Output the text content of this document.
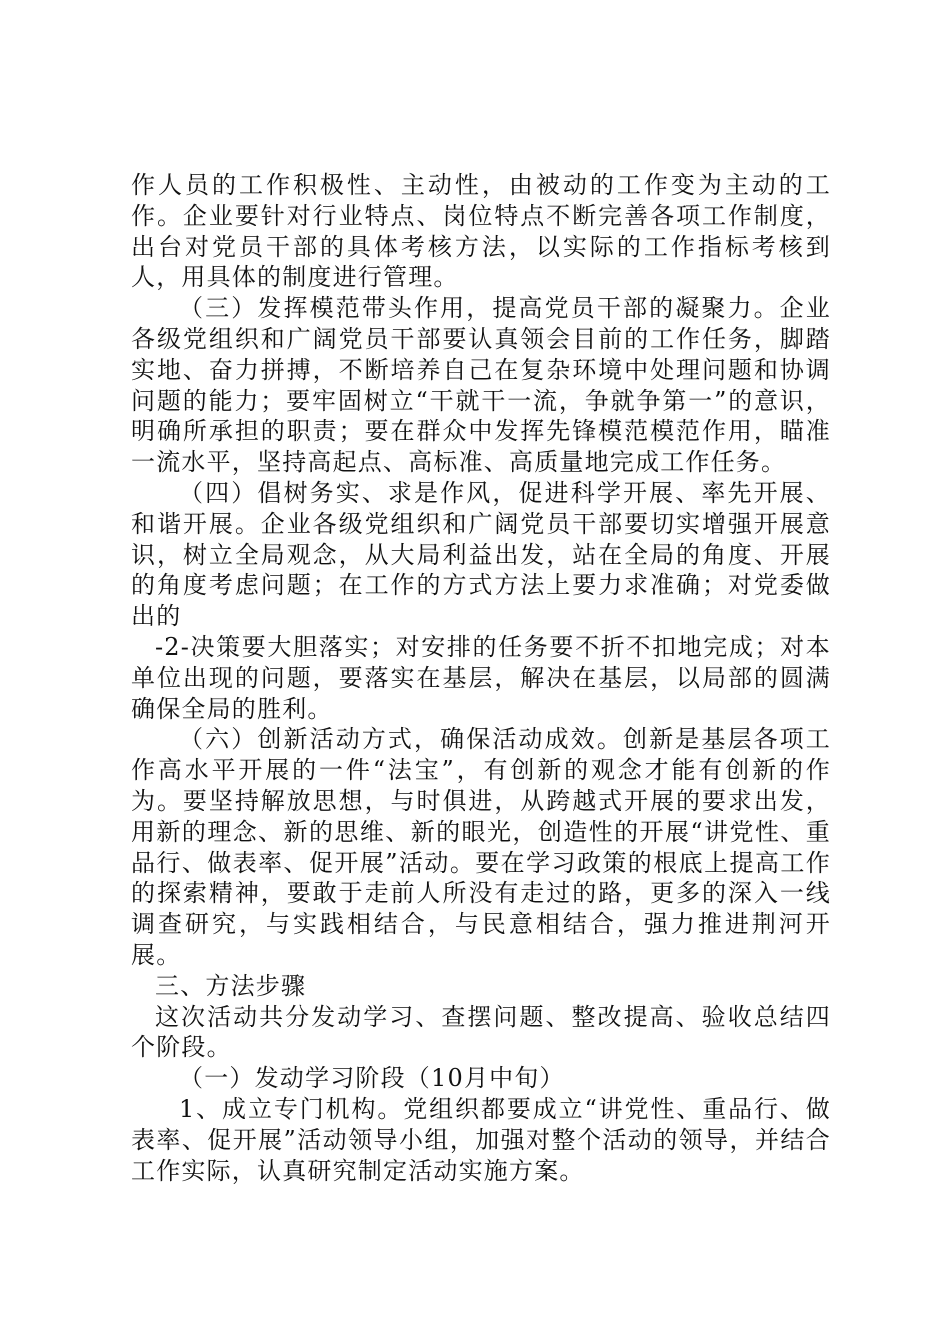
作人员的工作积极性、主动性，由被动的工作变为主动的工作。企业要针对行业特点、岗位特点不断完善各项工作制度，出台对党员干部的具体考核方法，以实际的工作指标考核到人，用具体的制度进行管理。

（三）发挥模范带头作用，提高党员干部的凝聚力。企业各级党组织和广阔党员干部要认真领会目前的工作任务，脚踏实地、奋力拼搏，不断培养自己在复杂环境中处理问题和协调问题的能力；要牢固树立“干就干一流，争就争第一”的意识，明确所承担的职责；要在群众中发挥先锋模范模范作用，瞄准一流水平，坚持高起点、高标准、高质量地完成工作任务。

（四）倡树务实、求是作风，促进科学开展、率先开展、和谐开展。企业各级党组织和广阔党员干部要切实增强开展意识，树立全局观念，从大局利益出发，站在全局的角度、开展的角度考虑问题；在工作的方式方法上要力求准确；对党委做出的

-2-决策要大胆落实；对安排的任务要不折不扣地完成；对本单位出现的问题，要落实在基层，解决在基层，以局部的圆满确保全局的胜利。

（六）创新活动方式，确保活动成效。创新是基层各项工作高水平开展的一件“法宝”，有创新的观念才能有创新的作为。要坚持解放思想，与时俱进，从跨越式开展的要求出发，用新的理念、新的思维、新的眼光，创造性的开展“讲党性、重品行、做表率、促开展”活动。要在学习政策的根底上提高工作的探索精神，要敢于走前人所没有走过的路，更多的深入一线调查研究，与实践相结合，与民意相结合，强力推进荆河开展。

三、方法步骤

这次活动共分发动学习、查摆问题、整改提高、验收总结四个阶段。

（一）发动学习阶段（10月中旬）

1、成立专门机构。党组织都要成立“讲党性、重品行、做表率、促开展”活动领导小组，加强对整个活动的领导，并结合工作实际，认真研究制定活动实施方案。
